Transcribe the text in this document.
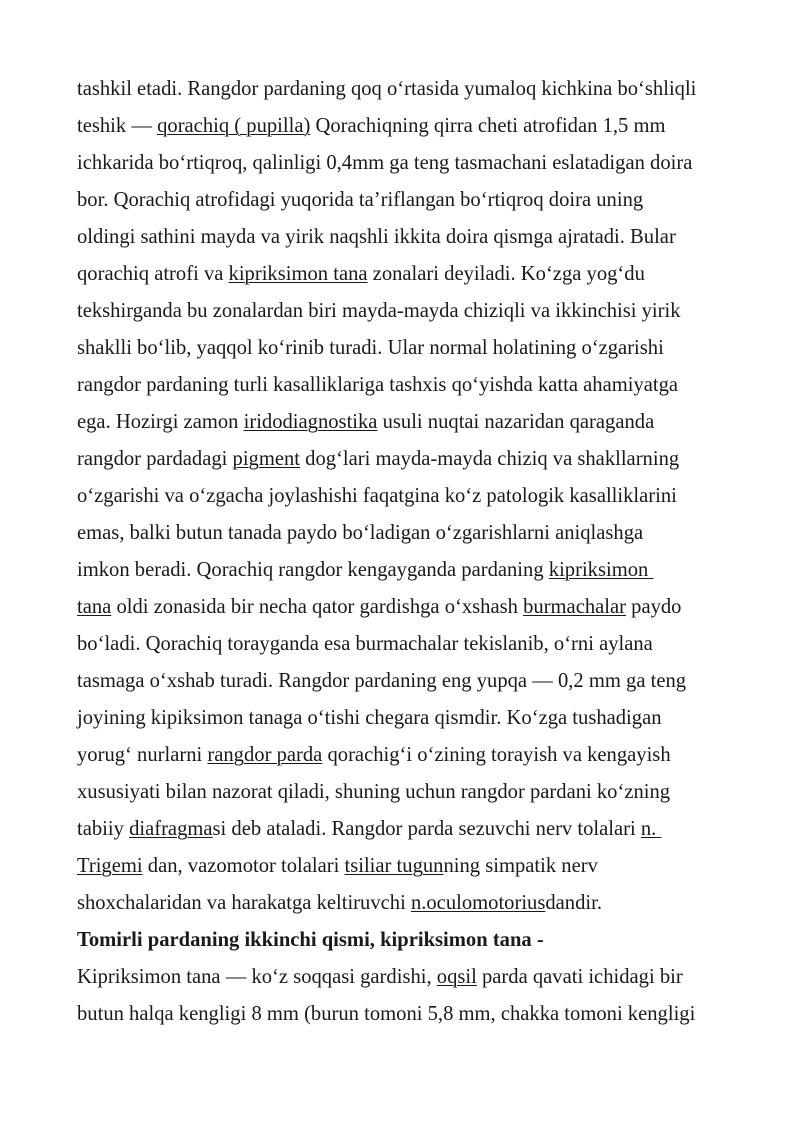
tashkil etadi. Rangdor pardaning qoq oʻrtasida yumaloq kichkina boʻshliqli
teshik — qorachiq ( pupilla) Qorachiqning qirra cheti atrofidan 1,5 mm
ichkarida boʻrtiqroq, qalinligi 0,4mm ga teng tasmachani eslatadigan doira
bor. Qorachiq atrofidagi yuqorida taʼriflangan boʻrtiqroq doira uning
oldingi sathini mayda va yirik naqshli ikkita doira qismga ajratadi. Bular
qorachiq atrofi va kipriksimon tana zonalari deyiladi. Koʻzga yogʻdu
tekshirganda bu zonalardan biri mayda-mayda chiziqli va ikkinchisi yirik
shaklli boʻlib, yaqqol koʻrinib turadi. Ular normal holatining oʻzgarishi
rangdor pardaning turli kasalliklariga tashxis qoʻyishda katta ahamiyatga
ega. Hozirgi zamon iridodiagnostika usuli nuqtai nazaridan qaraganda
rangdor pardadagi pigment dogʻlari mayda-mayda chiziq va shakllarning
oʻzgarishi va oʻzgacha joylashishi faqatgina koʻz patologik kasalliklarini
emas, balki butun tanada paydo boʻladigan oʻzgarishlarni aniqlashga
imkon beradi. Qorachiq rangdor kengayganda pardaning kipriksimon
tana oldi zonasida bir necha qator gardishga oʻxshash burmachalar paydo
boʻladi. Qorachiq torayganda esa burmachalar tekislanib, oʻrni aylana
tasmaga oʻxshab turadi. Rangdor pardaning eng yupqa — 0,2 mm ga teng
joyining kipiksimon tanaga oʻtishi chegara qismdir. Koʻzga tushadigan
yorugʻ nurlarni rangdor parda qorachigʻi oʻzining torayish va kengayish
xususiyati bilan nazorat qiladi, shuning uchun rangdor pardani koʻzning
tabiiy diafragmasi deb ataladi. Rangdor parda sezuvchi nerv tolalari n.
Trigemi dan, vazomotor tolalari tsiliar tugunning simpatik nerv
shoxchalaridan va harakatga keltiruvchi n.oculomotoriusdandir.
Tomirli pardaning ikkinchi qismi, kipriksimon tana -
Kipriksimon tana — koʻz soqqasi gardishi, oqsil parda qavati ichidagi bir
butun halqa kengligi 8 mm (burun tomoni 5,8 mm, chakka tomoni kengligi
